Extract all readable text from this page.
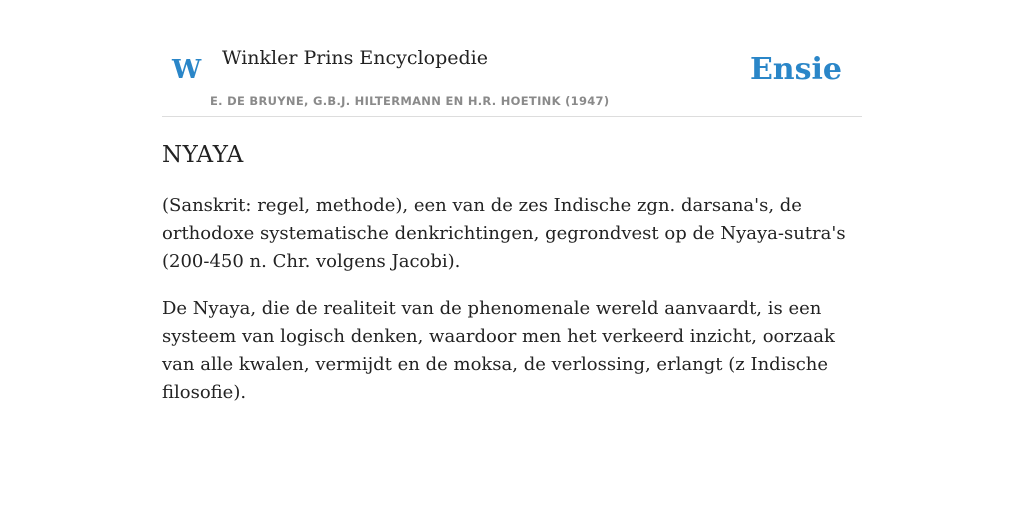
W Winkler Prins Encyclopedie
E. DE BRUYNE, G.B.J. HILTERMANN EN H.R. HOETINK (1947)
Ensie
NYAYA

(Sanskrit: regel, methode), een van de zes Indische zgn. darsana's, de orthodoxe systematische denkrichtingen, gegrondvest op de Nyaya-sutra's (200-450 n. Chr. volgens Jacobi).

De Nyaya, die de realiteit van de phenomenale wereld aanvaardt, is een systeem van logisch denken, waardoor men het verkeerd inzicht, oorzaak van alle kwalen, vermijdt en de moksa, de verlossing, erlangt (z Indische filosofie).
